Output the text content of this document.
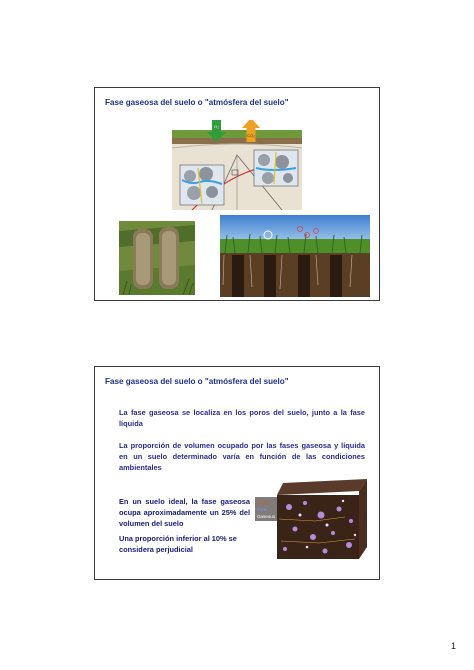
Fase gaseosa del suelo o "atmósfera del suelo"
O₂
CO₂
Fase gaseosa del suelo o "atmósfera del suelo"
La fase gaseosa se localiza en los poros del suelo, junto a la fase líquida
La proporción de volumen ocupado por las fases gaseosa y líquida en un suelo determinado varía en función de las condiciones ambientales
En un suelo ideal, la fase gaseosa ocupa aproximadamente un 25% del volumen del suelo
Una proporción inferior al 10% se considera perjudicial
Solid
Pore
Gaseous
1
